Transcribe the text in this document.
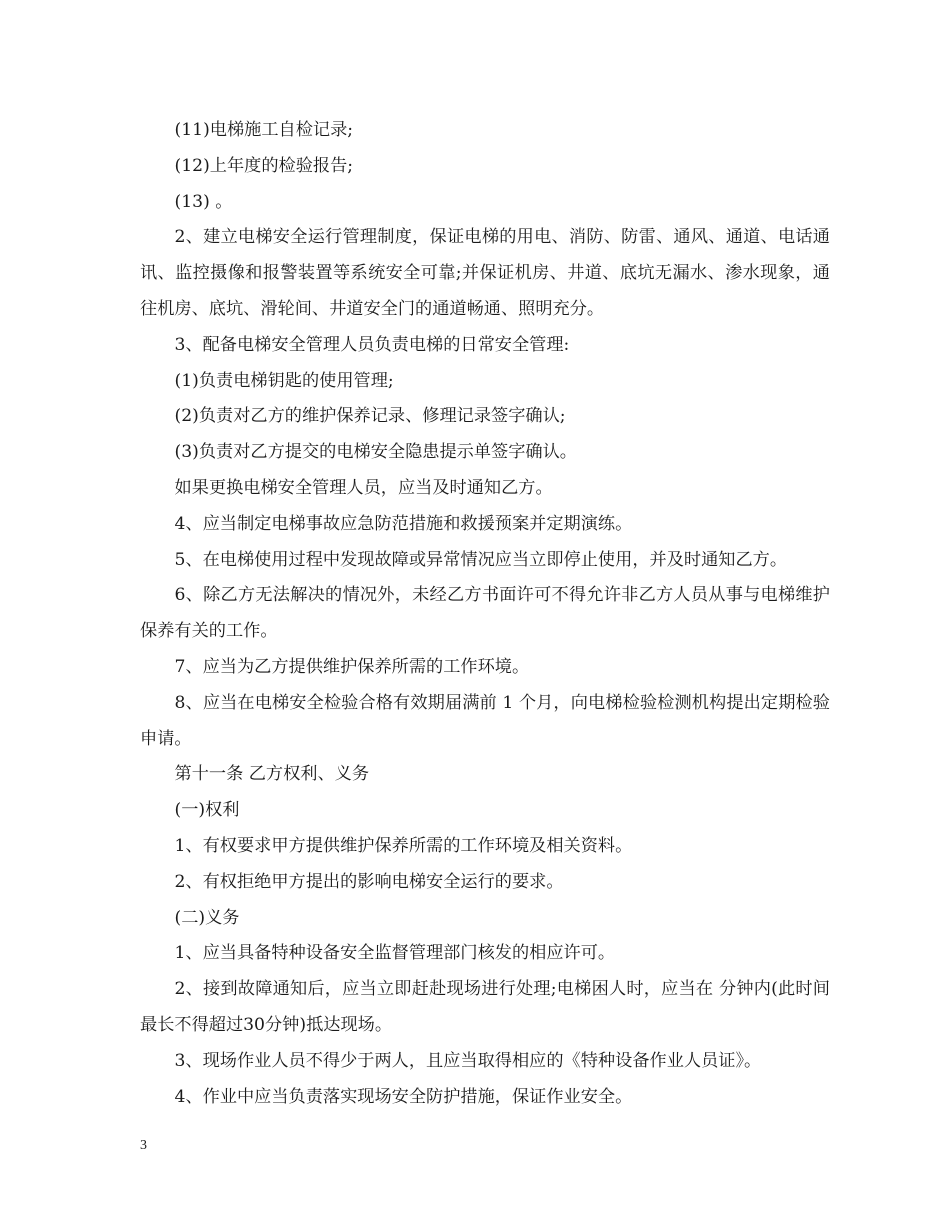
(11)电梯施工自检记录;

(12)上年度的检验报告;

(13) 。

2、建立电梯安全运行管理制度，保证电梯的用电、消防、防雷、通风、通道、电话通讯、监控摄像和报警装置等系统安全可靠;并保证机房、井道、底坑无漏水、渗水现象，通往机房、底坑、滑轮间、井道安全门的通道畅通、照明充分。

3、配备电梯安全管理人员负责电梯的日常安全管理:

(1)负责电梯钥匙的使用管理;

(2)负责对乙方的维护保养记录、修理记录签字确认;

(3)负责对乙方提交的电梯安全隐患提示单签字确认。

如果更换电梯安全管理人员，应当及时通知乙方。

4、应当制定电梯事故应急防范措施和救援预案并定期演练。

5、在电梯使用过程中发现故障或异常情况应当立即停止使用，并及时通知乙方。

6、除乙方无法解决的情况外，未经乙方书面许可不得允许非乙方人员从事与电梯维护保养有关的工作。

7、应当为乙方提供维护保养所需的工作环境。

8、应当在电梯安全检验合格有效期届满前 1 个月，向电梯检验检测机构提出定期检验申请。

第十一条 乙方权利、义务

(一)权利

1、有权要求甲方提供维护保养所需的工作环境及相关资料。

2、有权拒绝甲方提出的影响电梯安全运行的要求。

(二)义务

1、应当具备特种设备安全监督管理部门核发的相应许可。

2、接到故障通知后，应当立即赶赴现场进行处理;电梯困人时，应当在 分钟内(此时间最长不得超过30分钟)抵达现场。

3、现场作业人员不得少于两人，且应当取得相应的《特种设备作业人员证》。

4、作业中应当负责落实现场安全防护措施，保证作业安全。

3
